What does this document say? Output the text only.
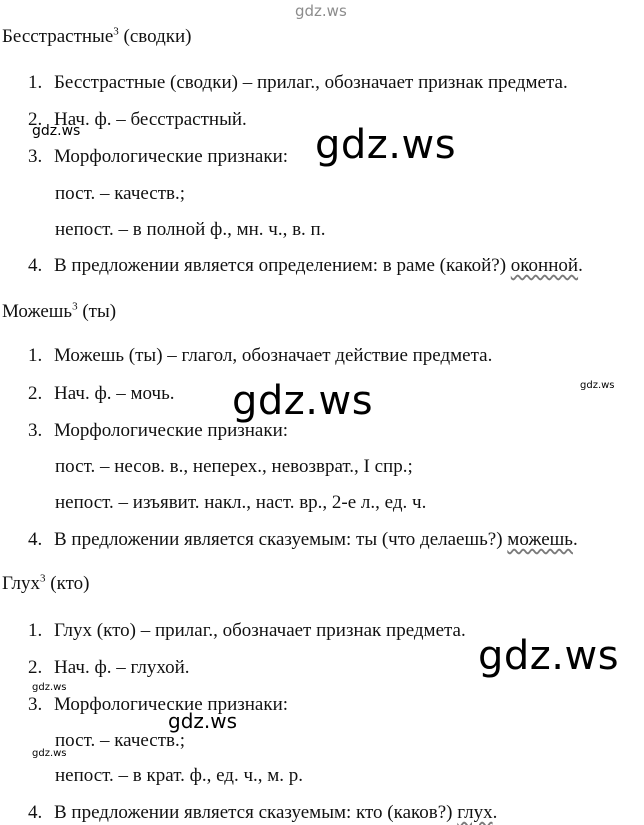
gdz.ws
gdz.ws	gdz.ws
gdz.ws	gdz.ws
gdz.ws
gdz.ws
gdz.ws
gdz.ws
Бесстрастные$^3$ (сводки)
1. Бесстрастные (сводки) – прилаг., обозначает признак предмета.
2. Нач. ф. – бесстрастный.
3. Морфологические признаки:
пост. – качеств.;
непост. – в полной ф., мн. ч., в. п.
4. В предложении является определением: в раме (какой?) оконной.
Можешь$^3$ (ты)
1. Можешь (ты) – глагол, обозначает действие предмета.
2. Нач. ф. – мочь.
3. Морфологические признаки:
пост. – несов. в., неперех., невозврат., I спр.;
непост. – изъявит. накл., наст. вр., 2-е л., ед. ч.
4. В предложении является сказуемым: ты (что делаешь?) можешь.
Глух$^3$ (кто)
1. Глух (кто) – прилаг., обозначает признак предмета.
2. Нач. ф. – глухой.
3. Морфологические признаки:
пост. – качеств.;
непост. – в крат. ф., ед. ч., м. р.
4. В предложении является сказуемым: кто (каков?) глух.
